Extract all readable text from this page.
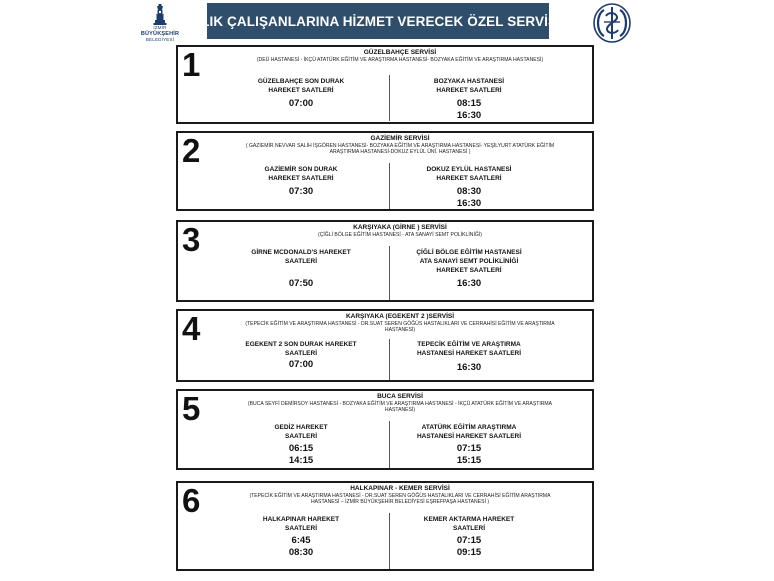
İZMİR
BÜYÜKŞEHİR
BELEDİYESİ
SAĞLIK ÇALIŞANLARINA HİZMET VERECEK ÖZEL SERVİSLER
1	GÜZELBAHÇE SERVİSİ
(DEÜ HASTANESİ - İKÇÜ ATATÜRK EĞİTİM VE ARAŞTIRMA HASTANESİ- BOZYAKA EĞİTİM VE ARAŞTIRMA HASTANESİ)
GÜZELBAHÇE SON DURAK HAREKET SAATLERİ
07:00
BOZYAKA HASTANESİ HAREKET SAATLERİ
08:15
16:30
2	GAZİEMİR SERVİSİ
( GAZİEMİR NEVVAR SALİH İŞGÖREN HASTANESİ- BOZYAKA EĞİTİM VE ARAŞTIRMA HASTANESİ- YEŞİLYURT ATATÜRK EĞİTİM ARAŞTIRMA HASTANESİ-DOKUZ EYLÜL ÜNİ. HASTANESİ )
GAZİEMİR SON DURAK HAREKET SAATLERİ
07:30
DOKUZ EYLÜL HASTANESİ HAREKET SAATLERİ
08:30
16:30
3	KARŞIYAKA (GİRNE ) SERVİSİ
(ÇİĞLİ BÖLGE EĞİTİM HASTANESİ - ATA SANAYİ SEMT POLİKLİNİĞİ)
GİRNE MCDONALD'S HAREKET SAATLERİ
07:50
ÇİĞLİ BÖLGE EĞİTİM HASTANESİ ATA SANAYİ SEMT POLİKLİNİĞİ HAREKET SAATLERİ
16:30
4	KARŞIYAKA (EGEKENT 2 )SERVİSİ
(TEPECİK EĞİTİM VE ARAŞTIRMA HASTANESİ - DR.SUAT SEREN GÖĞÜS HASTALIKLARI VE CERRAHİSİ EĞİTİM VE ARAŞTIRMA HASTANESİ)
EGEKENT 2 SON DURAK HAREKET SAATLERİ
07:00
TEPECİK EĞİTİM VE ARAŞTIRMA HASTANESİ HAREKET SAATLERİ
16:30
5	BUCA SERVİSİ
(BUCA SEYFİ DEMİRSOY HASTANESİ - BOZYAKA EĞİTİM VE ARAŞTIRMA HASTANESİ - İKÇÜ ATATÜRK EĞİTİM VE ARAŞTIRMA HASTANESİ)
GEDİZ HAREKET SAATLERİ
06:15
14:15
ATATÜRK EĞİTİM ARAŞTIRMA HASTANESİ HAREKET SAATLERİ
07:15
15:15
6	HALKAPINAR - KEMER SERVİSİ
(TEPECİK EĞİTİM VE ARAŞTIRMA HASTANESİ - DR.SUAT SEREN GÖĞÜS HASTALIKLARI VE CERRAHİSİ EĞİTİM ARAŞTIRMA HASTANESİ – İZMİR BÜYÜKŞEHİR BELEDİYESİ EŞREFPAŞA HASTANESİ )
HALKAPINAR HAREKET SAATLERİ
6:45
08:30
KEMER AKTARMA HAREKET SAATLERİ
07:15
09:15
